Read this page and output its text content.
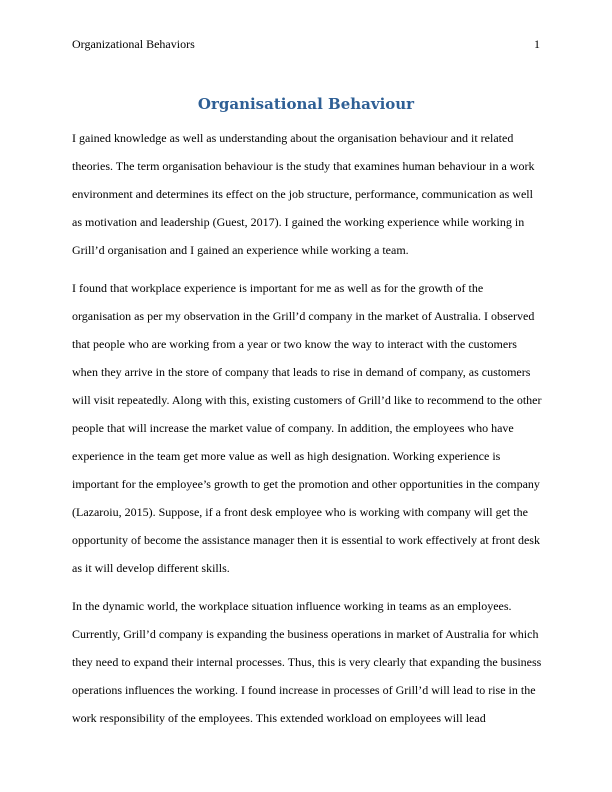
Organizational Behaviors	1
Organisational Behaviour

I gained knowledge as well as understanding about the organisation behaviour and it related theories. The term organisation behaviour is the study that examines human behaviour in a work environment and determines its effect on the job structure, performance, communication as well as motivation and leadership (Guest, 2017). I gained the working experience while working in Grill’d organisation and I gained an experience while working a team.

I found that workplace experience is important for me as well as for the growth of the organisation as per my observation in the Grill’d company in the market of Australia. I observed that people who are working from a year or two know the way to interact with the customers when they arrive in the store of company that leads to rise in demand of company, as customers will visit repeatedly. Along with this, existing customers of Grill’d like to recommend to the other people that will increase the market value of company. In addition, the employees who have experience in the team get more value as well as high designation. Working experience is important for the employee’s growth to get the promotion and other opportunities in the company (Lazaroiu, 2015). Suppose, if a front desk employee who is working with company will get the opportunity of become the assistance manager then it is essential to work effectively at front desk as it will develop different skills.

In the dynamic world, the workplace situation influence working in teams as an employees. Currently, Grill’d company is expanding the business operations in market of Australia for which they need to expand their internal processes. Thus, this is very clearly that expanding the business operations influences the working. I found increase in processes of Grill’d will lead to rise in the work responsibility of the employees. This extended workload on employees will lead
